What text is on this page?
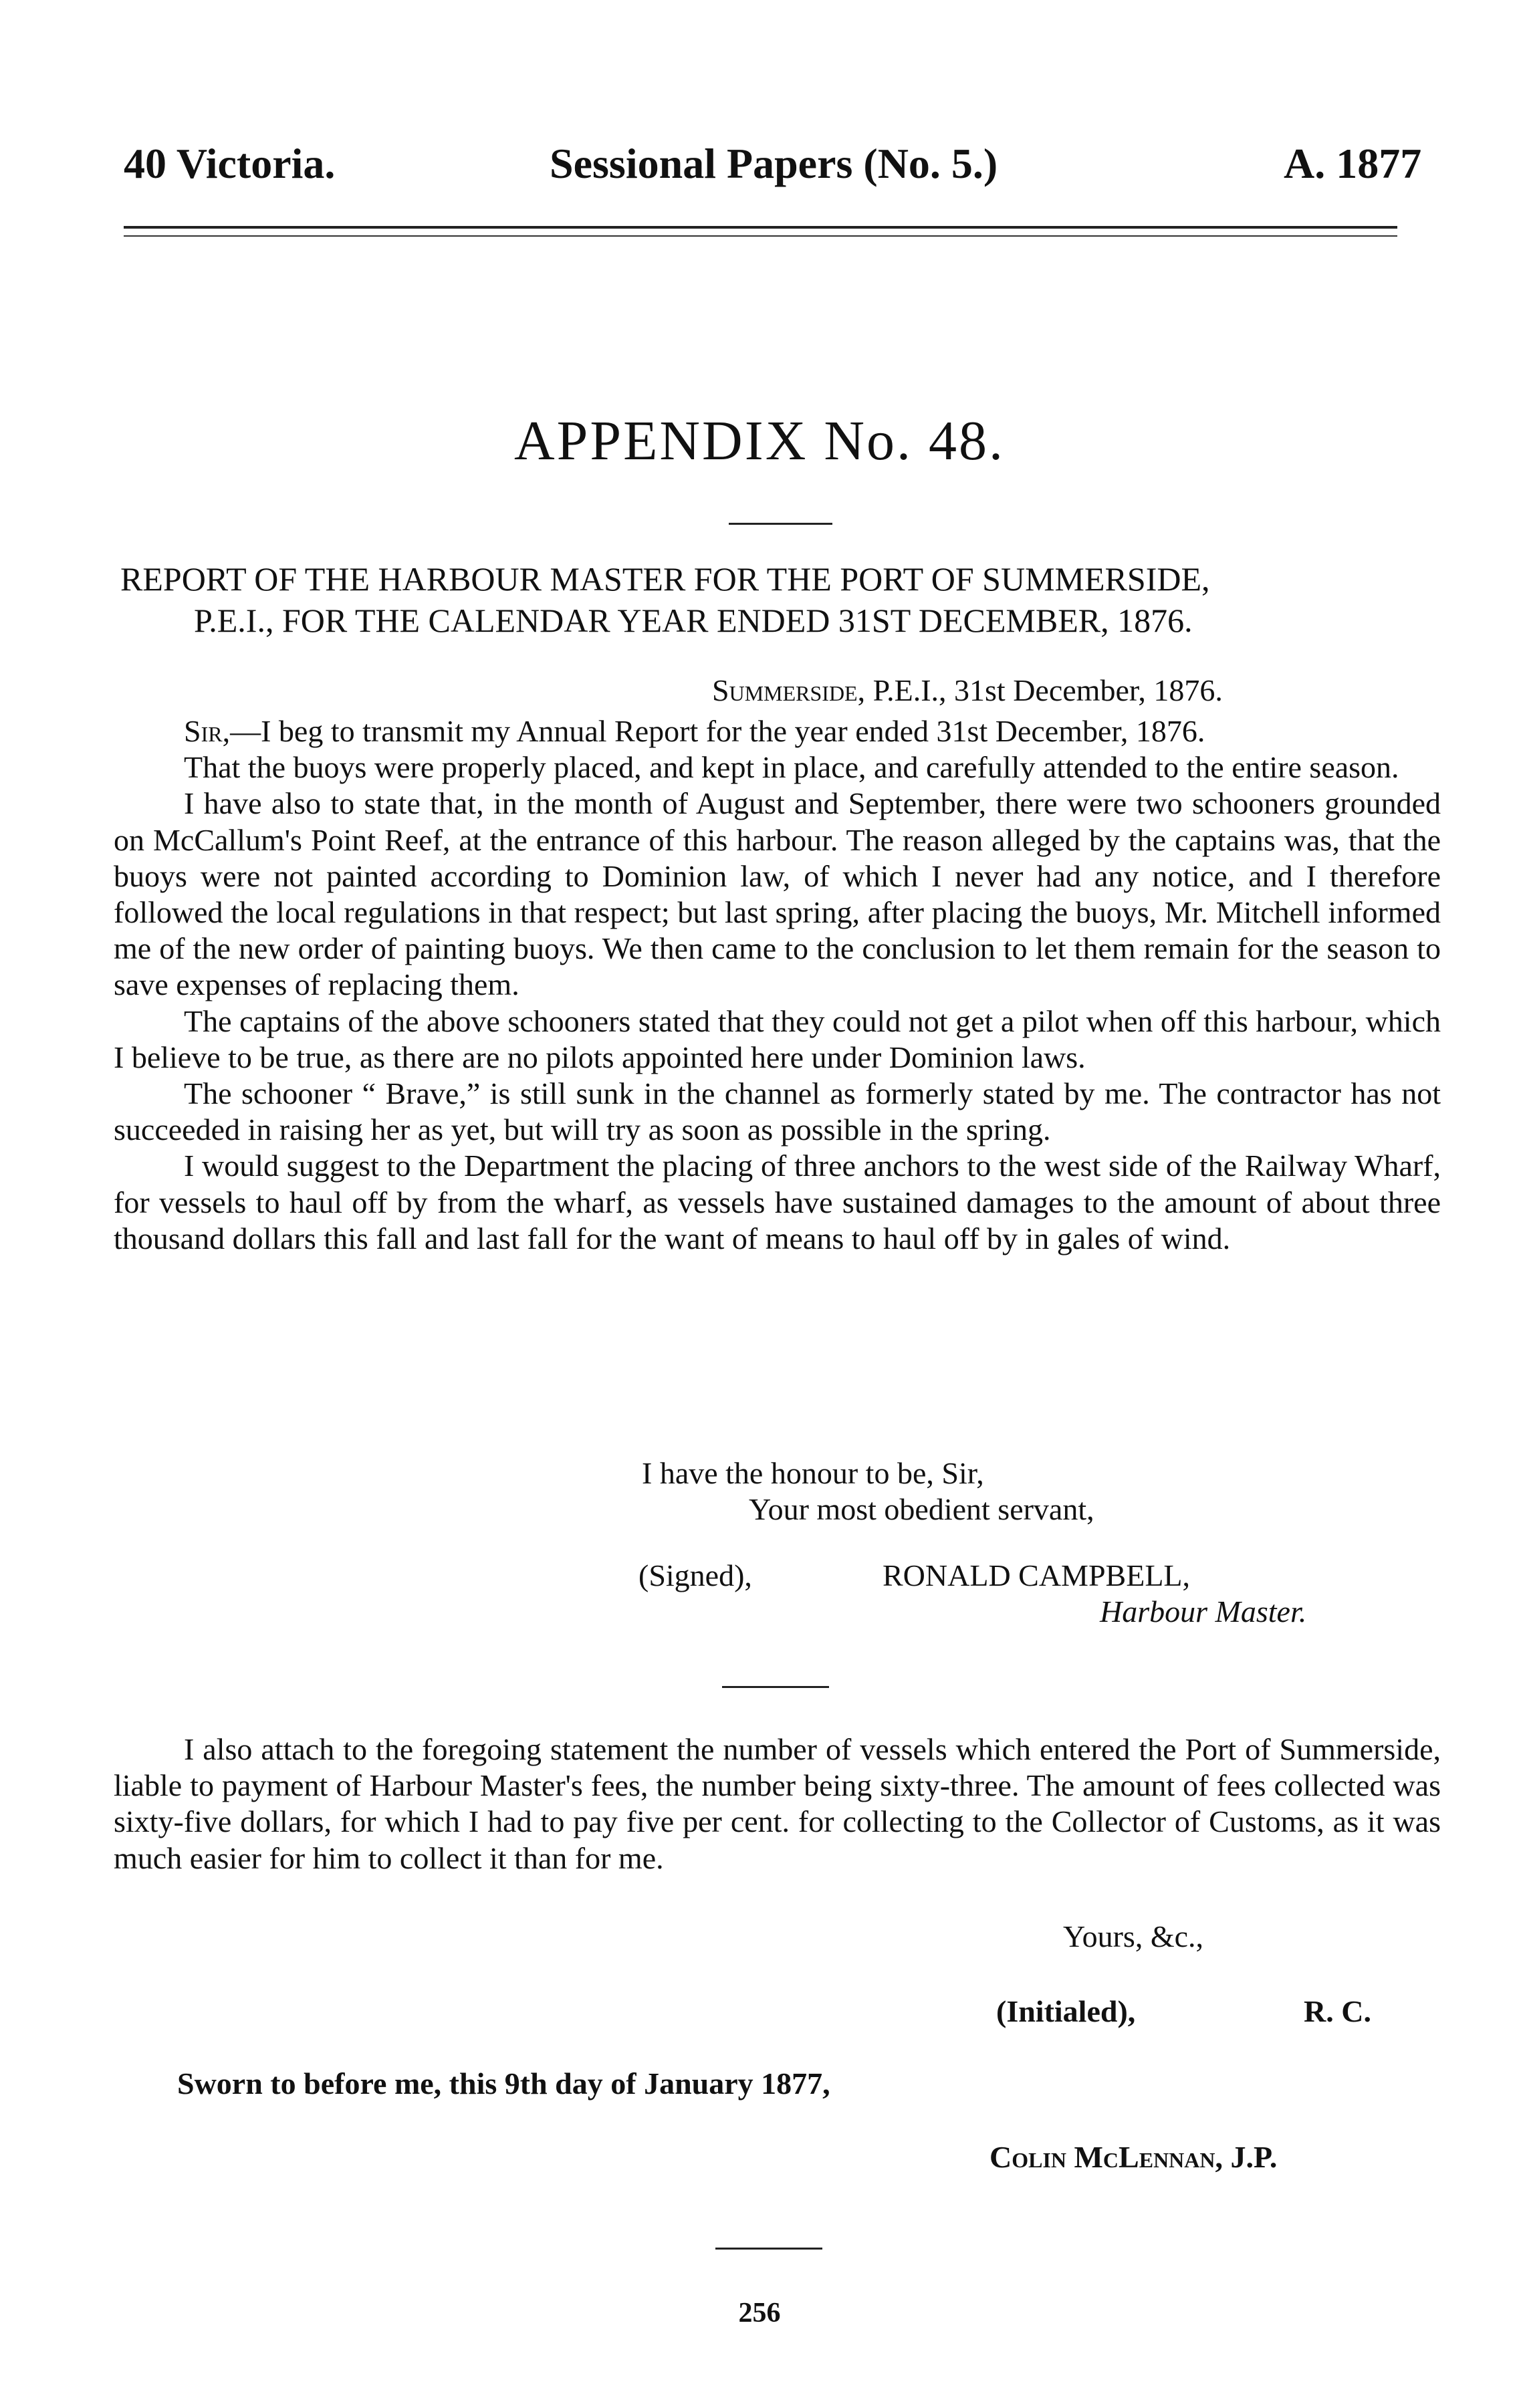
40 Victoria.	Sessional Papers (No. 5.)	A. 1877
APPENDIX No. 48.
REPORT OF THE HARBOUR MASTER FOR THE PORT OF SUMMERSIDE,
P.E.I., FOR THE CALENDAR YEAR ENDED 31ST DECEMBER, 1876.
Summerside, P.E.I., 31st December, 1876.

Sir,—I beg to transmit my Annual Report for the year ended 31st December, 1876.

That the buoys were properly placed, and kept in place, and carefully attended to the entire season.

I have also to state that, in the month of August and September, there were two schooners grounded on McCallum's Point Reef, at the entrance of this harbour. The reason alleged by the captains was, that the buoys were not painted according to Dominion law, of which I never had any notice, and I therefore followed the local regulations in that respect; but last spring, after placing the buoys, Mr. Mitchell informed me of the new order of painting buoys. We then came to the conclusion to let them remain for the season to save expenses of replacing them.

The captains of the above schooners stated that they could not get a pilot when off this harbour, which I believe to be true, as there are no pilots appointed here under Dominion laws.

The schooner “ Brave,” is still sunk in the channel as formerly stated by me. The contractor has not succeeded in raising her as yet, but will try as soon as possible in the spring.

I would suggest to the Department the placing of three anchors to the west side of the Railway Wharf, for vessels to haul off by from the wharf, as vessels have sustained damages to the amount of about three thousand dollars this fall and last fall for the want of means to haul off by in gales of wind.

I have the honour to be, Sir,
Your most obedient servant,
(Signed),	RONALD CAMPBELL,
Harbour Master.

I also attach to the foregoing statement the number of vessels which entered the Port of Summerside, liable to payment of Harbour Master's fees, the number being sixty-three. The amount of fees collected was sixty-five dollars, for which I had to pay five per cent. for collecting to the Collector of Customs, as it was much easier for him to collect it than for me.

Yours, &c.,
(Initialed),	R. C.
Sworn to before me, this 9th day of January 1877,
Colin McLennan, J.P.
256
